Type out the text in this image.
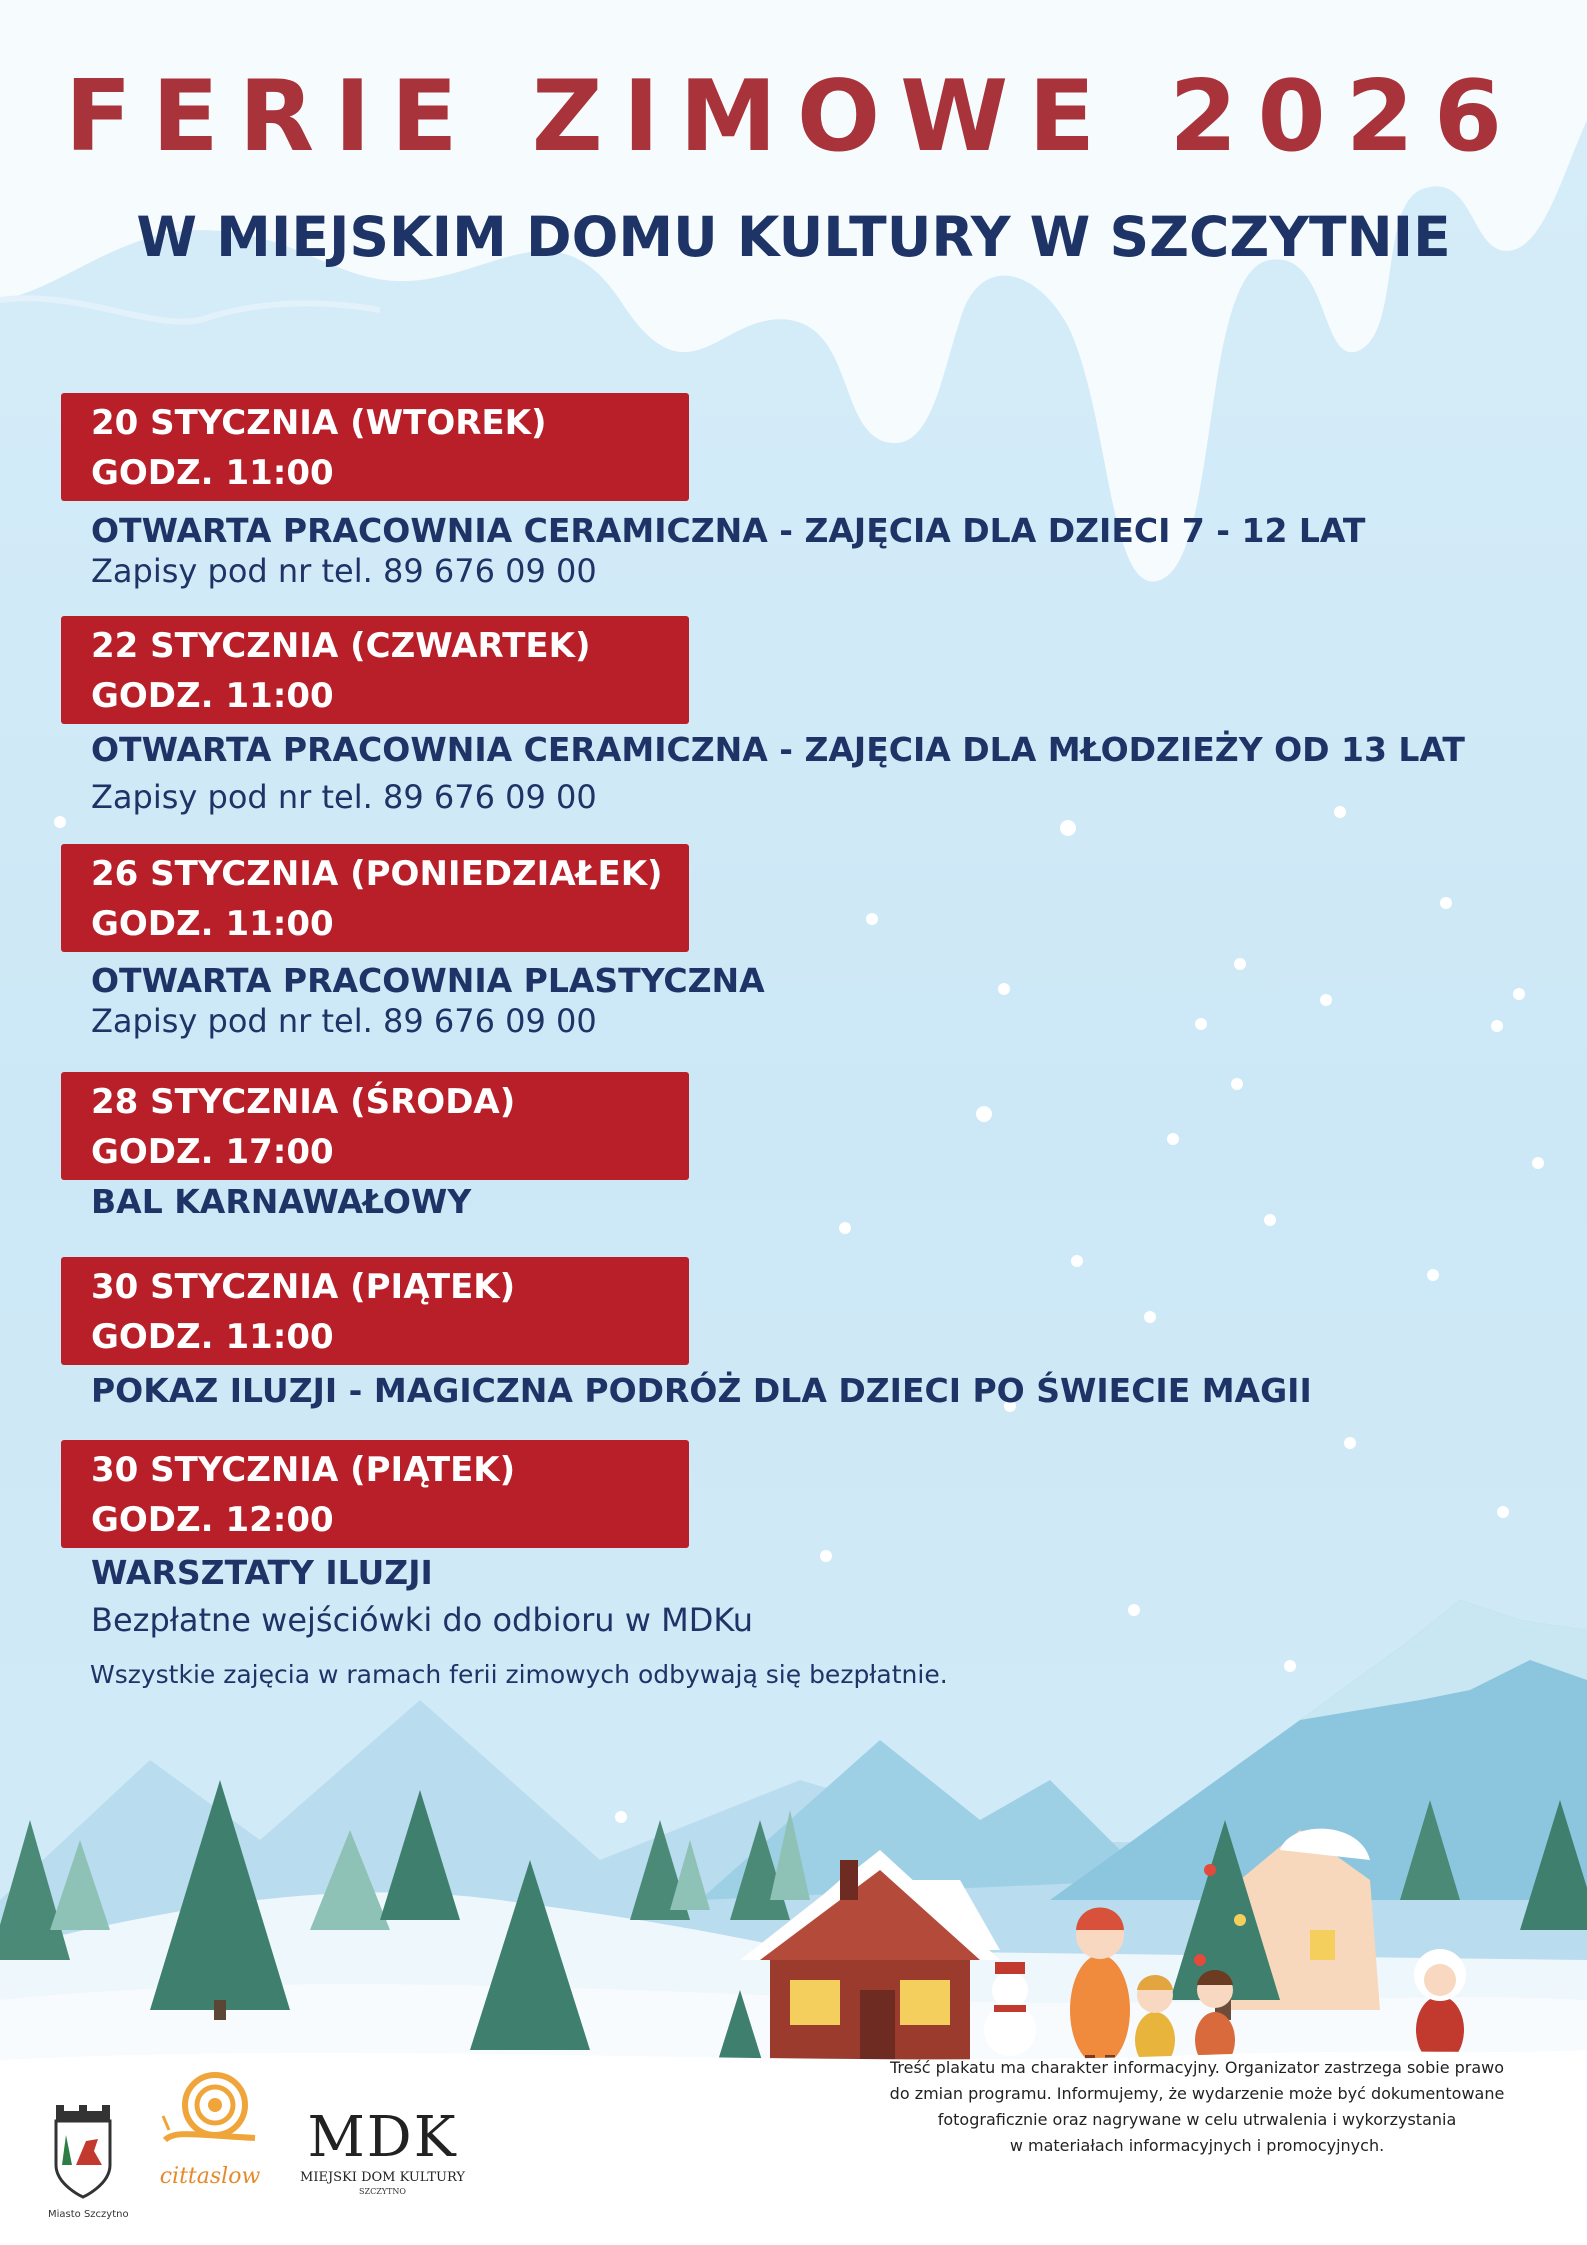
FERIE ZIMOWE 2026
W MIEJSKIM DOMU KULTURY W SZCZYTNIE
20 STYCZNIA (WTOREK)
GODZ. 11:00
OTWARTA PRACOWNIA CERAMICZNA - ZAJĘCIA DLA DZIECI 7 - 12 LAT
Zapisy pod nr tel. 89 676 09 00
22 STYCZNIA (CZWARTEK)
GODZ. 11:00
OTWARTA PRACOWNIA CERAMICZNA - ZAJĘCIA DLA MŁODZIEŻY OD 13 LAT
Zapisy pod nr tel. 89 676 09 00
26 STYCZNIA (PONIEDZIAŁEK)
GODZ. 11:00
OTWARTA PRACOWNIA PLASTYCZNA
Zapisy pod nr tel. 89 676 09 00
28 STYCZNIA (ŚRODA)
GODZ. 17:00
BAL KARNAWAŁOWY
30 STYCZNIA (PIĄTEK)
GODZ. 11:00
POKAZ ILUZJI - MAGICZNA PODRÓŻ DLA DZIECI PO ŚWIECIE MAGII
30 STYCZNIA (PIĄTEK)
GODZ. 12:00
WARSZTATY ILUZJI
Bezpłatne wejściówki do odbioru w MDKu
Wszystkie zajęcia w ramach ferii zimowych odbywają się bezpłatnie.
Miasto Szczytno
cittaslow
MDK
MIEJSKI DOM KULTURY
SZCZYTNO
Treść plakatu ma charakter informacyjny. Organizator zastrzega sobie prawo
do zmian programu. Informujemy, że wydarzenie może być dokumentowane
fotograficznie oraz nagrywane w celu utrwalenia i wykorzystania
w materiałach informacyjnych i promocyjnych.
